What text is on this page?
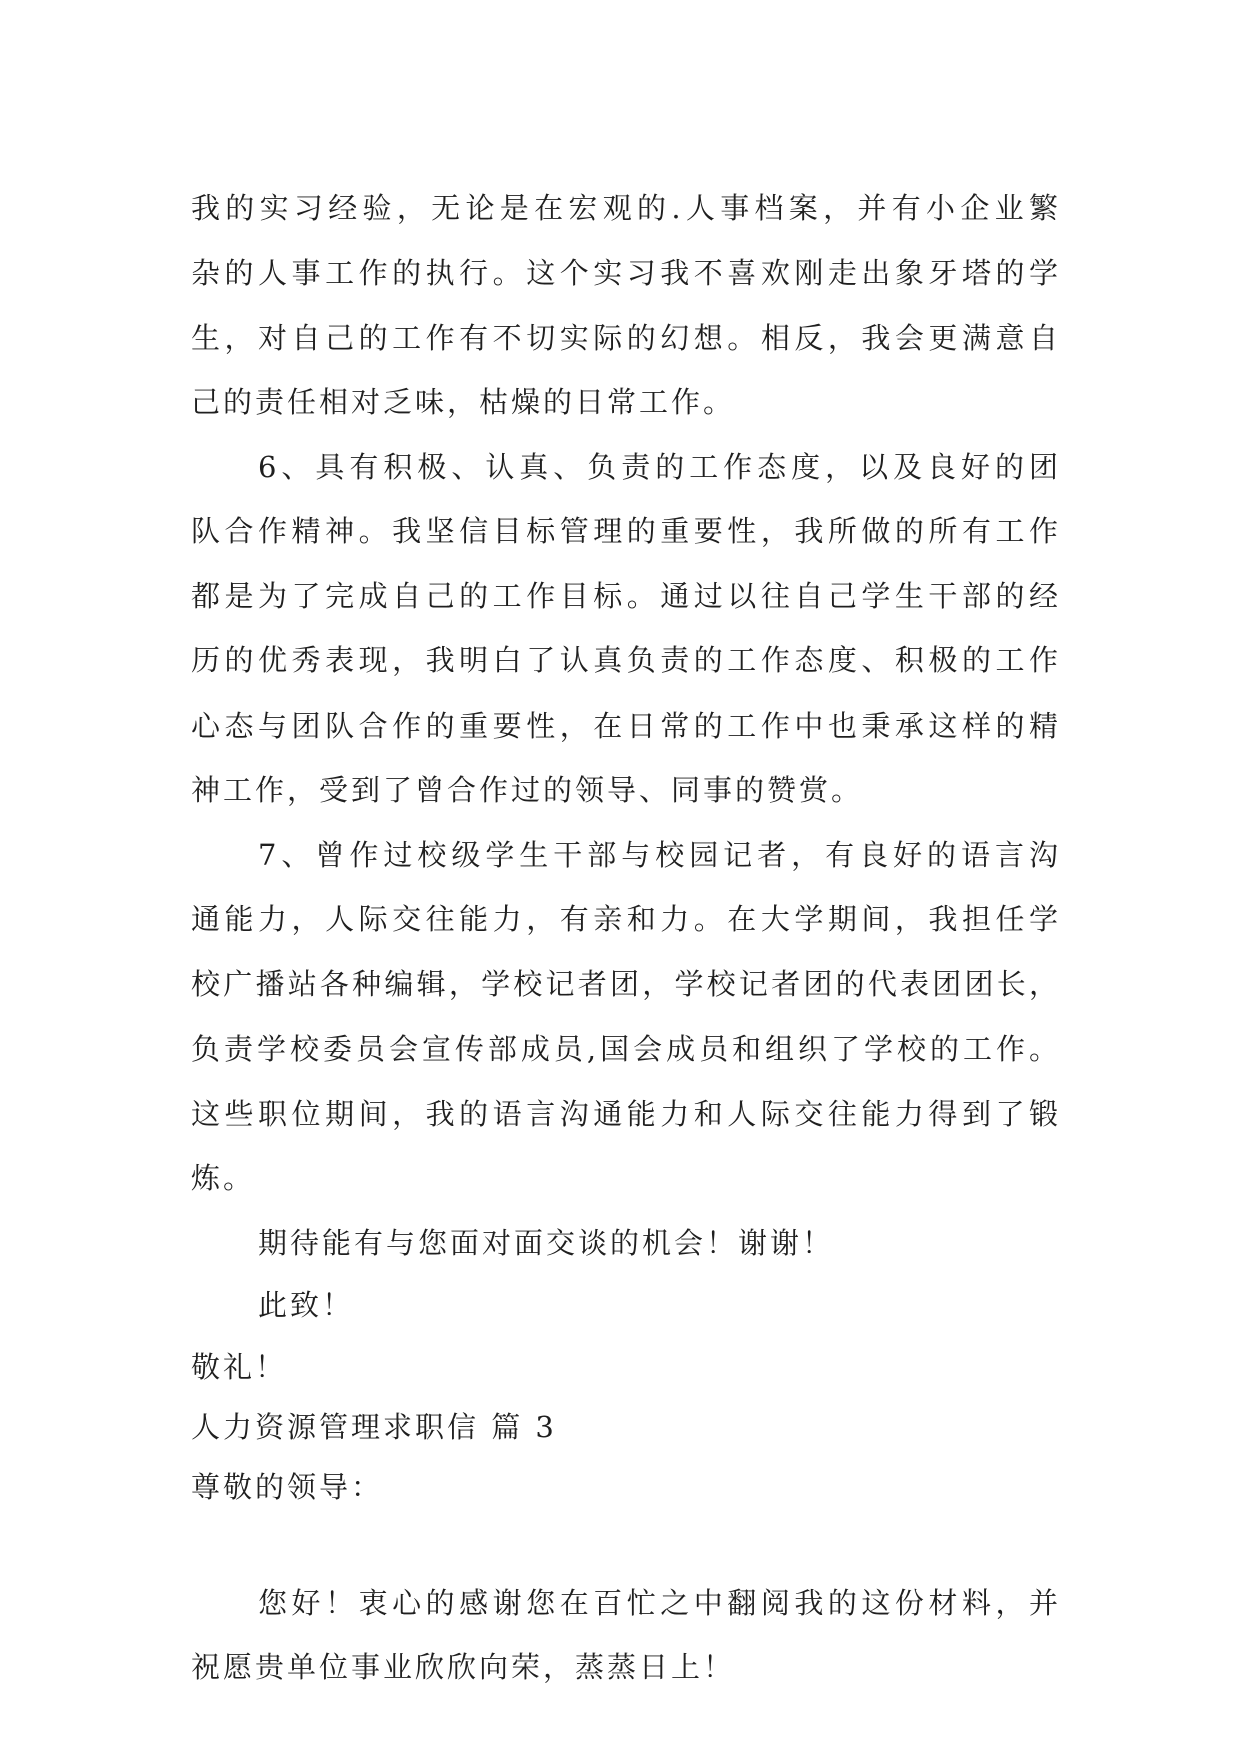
我的实习经验，无论是在宏观的.人事档案，并有小企业繁
杂的人事工作的执行。这个实习我不喜欢刚走出象牙塔的学
生，对自己的工作有不切实际的幻想。相反，我会更满意自
己的责任相对乏味，枯燥的日常工作。
6、具有积极、认真、负责的工作态度，以及良好的团
队合作精神。我坚信目标管理的重要性，我所做的所有工作
都是为了完成自己的工作目标。通过以往自己学生干部的经
历的优秀表现，我明白了认真负责的工作态度、积极的工作
心态与团队合作的重要性，在日常的工作中也秉承这样的精
神工作，受到了曾合作过的领导、同事的赞赏。
7、曾作过校级学生干部与校园记者，有良好的语言沟
通能力，人际交往能力，有亲和力。在大学期间，我担任学
校广播站各种编辑，学校记者团，学校记者团的代表团团长，
负责学校委员会宣传部成员,国会成员和组织了学校的工作。
这些职位期间，我的语言沟通能力和人际交往能力得到了锻
炼。
期待能有与您面对面交谈的机会！谢谢！
此致！
敬礼！
人力资源管理求职信 篇 3
尊敬的领导：
您好！衷心的感谢您在百忙之中翻阅我的这份材料，并
祝愿贵单位事业欣欣向荣，蒸蒸日上！
